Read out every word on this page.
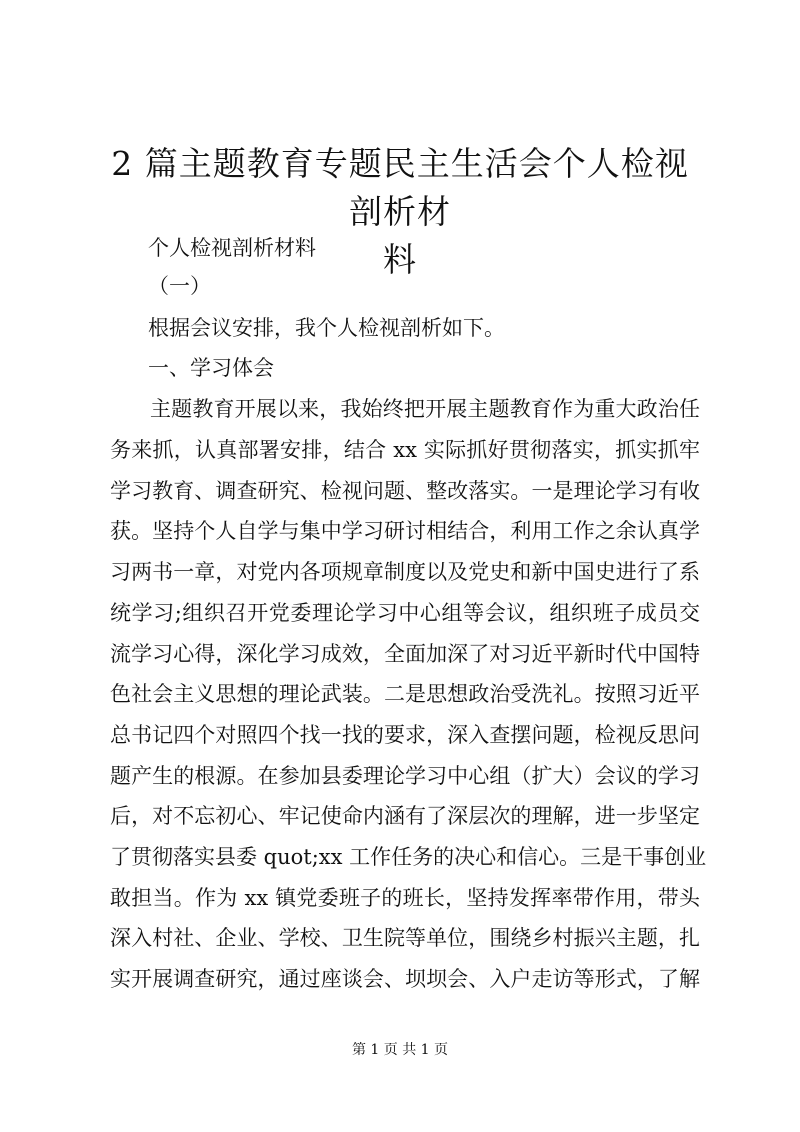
2 篇主题教育专题民主生活会个人检视剖析材
料

个人检视剖析材料

（一）

根据会议安排，我个人检视剖析如下。

一、学习体会

主题教育开展以来，我始终把开展主题教育作为重大政治任

务来抓，认真部署安排，结合 xx 实际抓好贯彻落实，抓实抓牢

学习教育、调查研究、检视问题、整改落实。一是理论学习有收

获。坚持个人自学与集中学习研讨相结合，利用工作之余认真学

习两书一章，对党内各项规章制度以及党史和新中国史进行了系

统学习;组织召开党委理论学习中心组等会议，组织班子成员交

流学习心得，深化学习成效，全面加深了对习近平新时代中国特

色社会主义思想的理论武装。二是思想政治受洗礼。按照习近平

总书记四个对照四个找一找的要求，深入查摆问题，检视反思问

题产生的根源。在参加县委理论学习中心组（扩大）会议的学习

后，对不忘初心、牢记使命内涵有了深层次的理解，进一步坚定

了贯彻落实县委 quot;xx 工作任务的决心和信心。三是干事创业

敢担当。作为 xx 镇党委班子的班长，坚持发挥率带作用，带头

深入村社、企业、学校、卫生院等单位，围绕乡村振兴主题，扎

实开展调查研究，通过座谈会、坝坝会、入户走访等形式，了解

第 1 页 共 1 页
